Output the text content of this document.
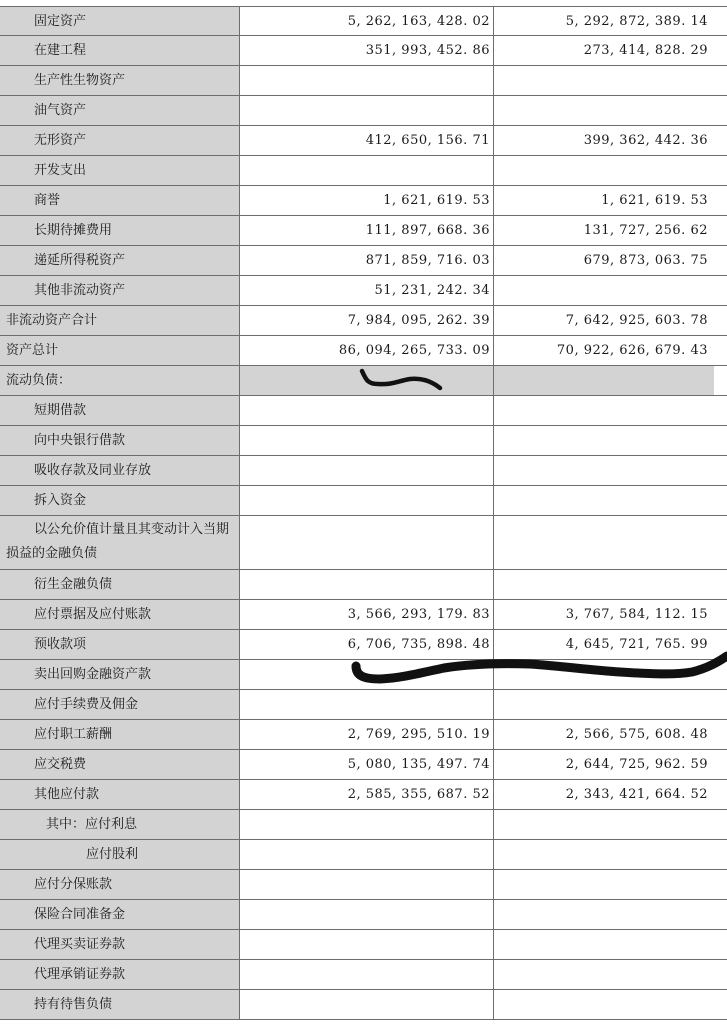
固定资产	5, 262, 163, 428. 02	5, 292, 872, 389. 14
在建工程	351, 993, 452. 86	273, 414, 828. 29
生产性生物资产
油气资产
无形资产	412, 650, 156. 71	399, 362, 442. 36
开发支出
商誉	1, 621, 619. 53	1, 621, 619. 53
长期待摊费用	111, 897, 668. 36	131, 727, 256. 62
递延所得税资产	871, 859, 716. 03	679, 873, 063. 75
其他非流动资产	51, 231, 242. 34
非流动资产合计	7, 984, 095, 262. 39	7, 642, 925, 603. 78
资产总计	86, 094, 265, 733. 09	70, 922, 626, 679. 43
流动负债：
短期借款
向中央银行借款
吸收存款及同业存放
拆入资金
以公允价值计量且其变动计入当期损益的金融负债
衍生金融负债
应付票据及应付账款	3, 566, 293, 179. 83	3, 767, 584, 112. 15
预收款项	6, 706, 735, 898. 48	4, 645, 721, 765. 99
卖出回购金融资产款
应付手续费及佣金
应付职工薪酬	2, 769, 295, 510. 19	2, 566, 575, 608. 48
应交税费	5, 080, 135, 497. 74	2, 644, 725, 962. 59
其他应付款	2, 585, 355, 687. 52	2, 343, 421, 664. 52
其中：应付利息
应付股利
应付分保账款
保险合同准备金
代理买卖证券款
代理承销证券款
持有待售负债
